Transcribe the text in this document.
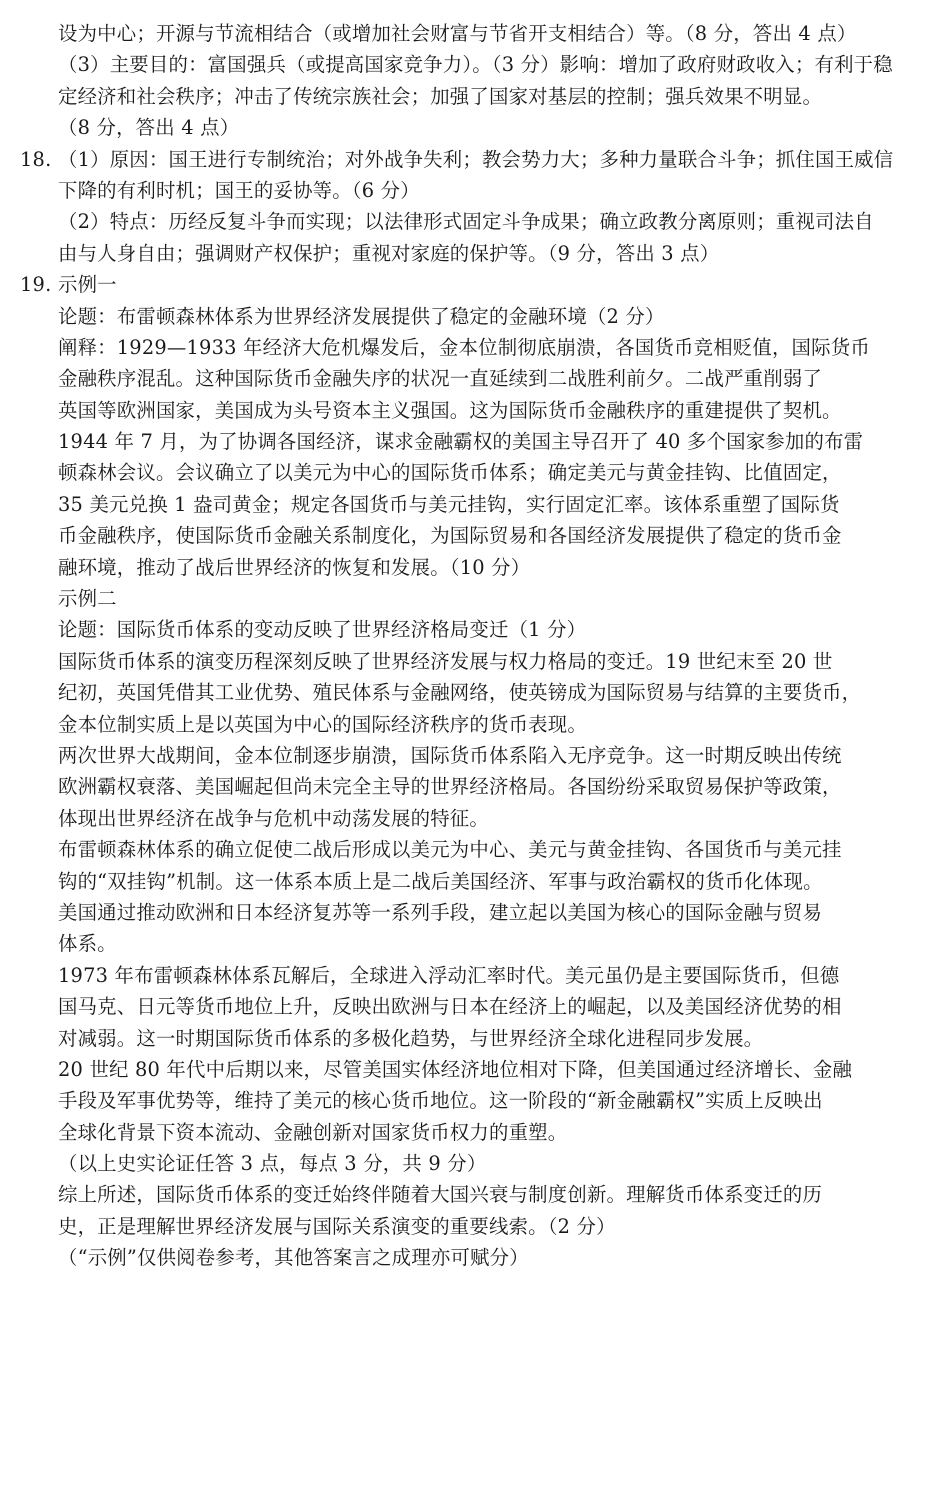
设为中心；开源与节流相结合（或增加社会财富与节省开支相结合）等。（8 分，答出 4 点）
（3）主要目的：富国强兵（或提高国家竞争力）。（3 分）影响：增加了政府财政收入；有利于稳
定经济和社会秩序；冲击了传统宗族社会；加强了国家对基层的控制；强兵效果不明显。
（8 分，答出 4 点）
18. （1）原因：国王进行专制统治；对外战争失利；教会势力大；多种力量联合斗争；抓住国王威信
下降的有利时机；国王的妥协等。（6 分）
（2）特点：历经反复斗争而实现；以法律形式固定斗争成果；确立政教分离原则；重视司法自
由与人身自由；强调财产权保护；重视对家庭的保护等。（9 分，答出 3 点）
19. 示例一
论题：布雷顿森林体系为世界经济发展提供了稳定的金融环境（2 分）
阐释：1929—1933 年经济大危机爆发后，金本位制彻底崩溃，各国货币竞相贬值，国际货币
金融秩序混乱。这种国际货币金融失序的状况一直延续到二战胜利前夕。二战严重削弱了
英国等欧洲国家，美国成为头号资本主义强国。这为国际货币金融秩序的重建提供了契机。
1944 年 7 月，为了协调各国经济，谋求金融霸权的美国主导召开了 40 多个国家参加的布雷
顿森林会议。会议确立了以美元为中心的国际货币体系；确定美元与黄金挂钩、比值固定，
35 美元兑换 1 盎司黄金；规定各国货币与美元挂钩，实行固定汇率。该体系重塑了国际货
币金融秩序，使国际货币金融关系制度化，为国际贸易和各国经济发展提供了稳定的货币金
融环境，推动了战后世界经济的恢复和发展。（10 分）
示例二
论题：国际货币体系的变动反映了世界经济格局变迁（1 分）
国际货币体系的演变历程深刻反映了世界经济发展与权力格局的变迁。19 世纪末至 20 世
纪初，英国凭借其工业优势、殖民体系与金融网络，使英镑成为国际贸易与结算的主要货币，
金本位制实质上是以英国为中心的国际经济秩序的货币表现。
两次世界大战期间，金本位制逐步崩溃，国际货币体系陷入无序竞争。这一时期反映出传统
欧洲霸权衰落、美国崛起但尚未完全主导的世界经济格局。各国纷纷采取贸易保护等政策，
体现出世界经济在战争与危机中动荡发展的特征。
布雷顿森林体系的确立促使二战后形成以美元为中心、美元与黄金挂钩、各国货币与美元挂
钩的“双挂钩”机制。这一体系本质上是二战后美国经济、军事与政治霸权的货币化体现。
美国通过推动欧洲和日本经济复苏等一系列手段，建立起以美国为核心的国际金融与贸易
体系。
1973 年布雷顿森林体系瓦解后，全球进入浮动汇率时代。美元虽仍是主要国际货币，但德
国马克、日元等货币地位上升，反映出欧洲与日本在经济上的崛起，以及美国经济优势的相
对减弱。这一时期国际货币体系的多极化趋势，与世界经济全球化进程同步发展。
20 世纪 80 年代中后期以来，尽管美国实体经济地位相对下降，但美国通过经济增长、金融
手段及军事优势等，维持了美元的核心货币地位。这一阶段的“新金融霸权”实质上反映出
全球化背景下资本流动、金融创新对国家货币权力的重塑。
（以上史实论证任答 3 点，每点 3 分，共 9 分）
综上所述，国际货币体系的变迁始终伴随着大国兴衰与制度创新。理解货币体系变迁的历
史，正是理解世界经济发展与国际关系演变的重要线索。（2 分）
（“示例”仅供阅卷参考，其他答案言之成理亦可赋分）
